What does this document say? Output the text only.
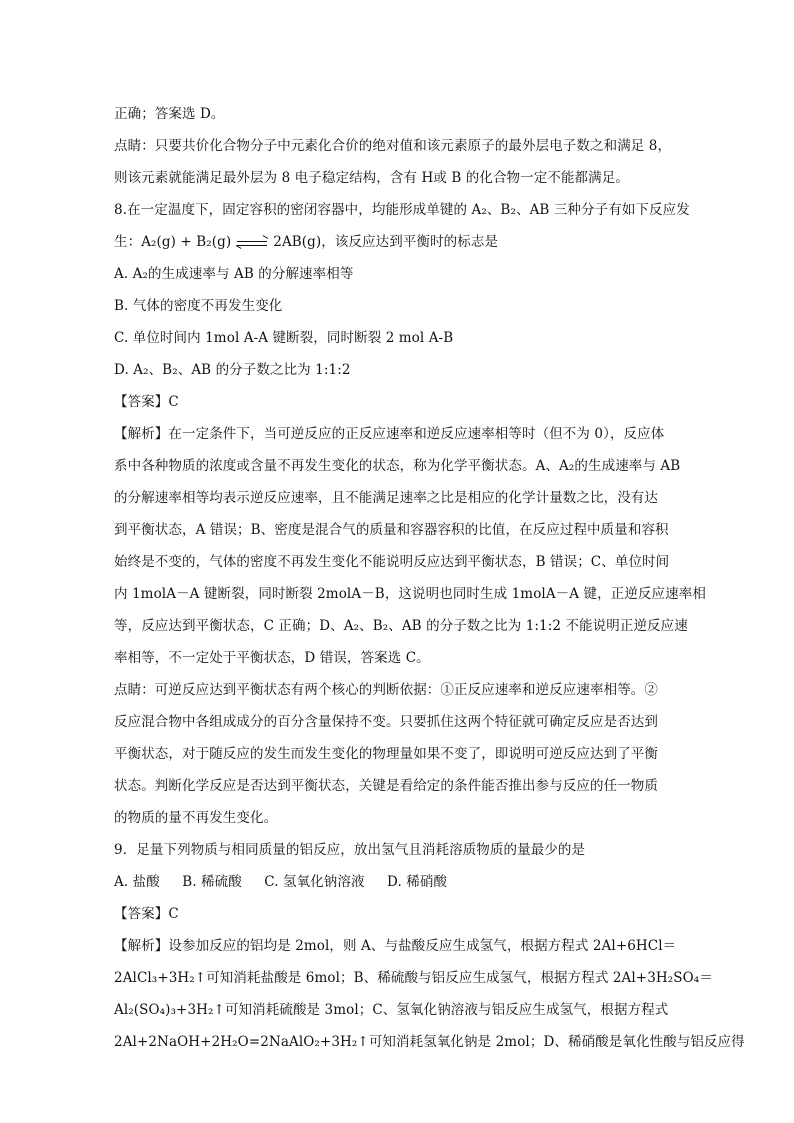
正确；答案选 D。
点睛：只要共价化合物分子中元素化合价的绝对值和该元素原子的最外层电子数之和满足 8，
则该元素就能满足最外层为 8 电子稳定结构，含有 H或 B 的化合物一定不能都满足。
8.在一定温度下，固定容积的密闭容器中，均能形成单键的 A₂、B₂、AB 三种分子有如下反应发
生：A₂(g) + B₂(g)	2AB(g)，该反应达到平衡时的标志是
A. A₂的生成速率与 AB 的分解速率相等
B. 气体的密度不再发生变化
C. 单位时间内 1mol A-A 键断裂，同时断裂 2 mol A-B
D. A₂、B₂、AB 的分子数之比为 1:1:2
【答案】C
【解析】在一定条件下，当可逆反应的正反应速率和逆反应速率相等时（但不为 0），反应体
系中各种物质的浓度或含量不再发生变化的状态，称为化学平衡状态。A、A₂的生成速率与 AB
的分解速率相等均表示逆反应速率，且不能满足速率之比是相应的化学计量数之比，没有达
到平衡状态，A 错误；B、密度是混合气的质量和容器容积的比值，在反应过程中质量和容积
始终是不变的，气体的密度不再发生变化不能说明反应达到平衡状态，B 错误；C、单位时间
内 1molA－A 键断裂，同时断裂 2molA－B，这说明也同时生成 1molA－A 键，正逆反应速率相
等，反应达到平衡状态，C 正确；D、A₂、B₂、AB 的分子数之比为 1:1:2 不能说明正逆反应速
率相等，不一定处于平衡状态，D 错误，答案选 C。
点睛：可逆反应达到平衡状态有两个核心的判断依据：①正反应速率和逆反应速率相等。②
反应混合物中各组成成分的百分含量保持不变。只要抓住这两个特征就可确定反应是否达到
平衡状态，对于随反应的发生而发生变化的物理量如果不变了，即说明可逆反应达到了平衡
状态。判断化学反应是否达到平衡状态，关键是看给定的条件能否推出参与反应的任一物质
的物质的量不再发生变化。
9．足量下列物质与相同质量的铝反应，放出氢气且消耗溶质物质的量最少的是
A. 盐酸 B. 稀硫酸 C. 氢氧化钠溶液 D. 稀硝酸
【答案】C
【解析】设参加反应的铝均是 2mol，则 A、与盐酸反应生成氢气，根据方程式 2Al+6HCl＝
2AlCl₃+3H₂↑可知消耗盐酸是 6mol；B、稀硫酸与铝反应生成氢气，根据方程式 2Al+3H₂SO₄＝
Al₂(SO₄)₃+3H₂↑可知消耗硫酸是 3mol；C、氢氧化钠溶液与铝反应生成氢气，根据方程式
2Al+2NaOH+2H₂O=2NaAlO₂+3H₂↑可知消耗氢氧化钠是 2mol；D、稀硝酸是氧化性酸与铝反应得
